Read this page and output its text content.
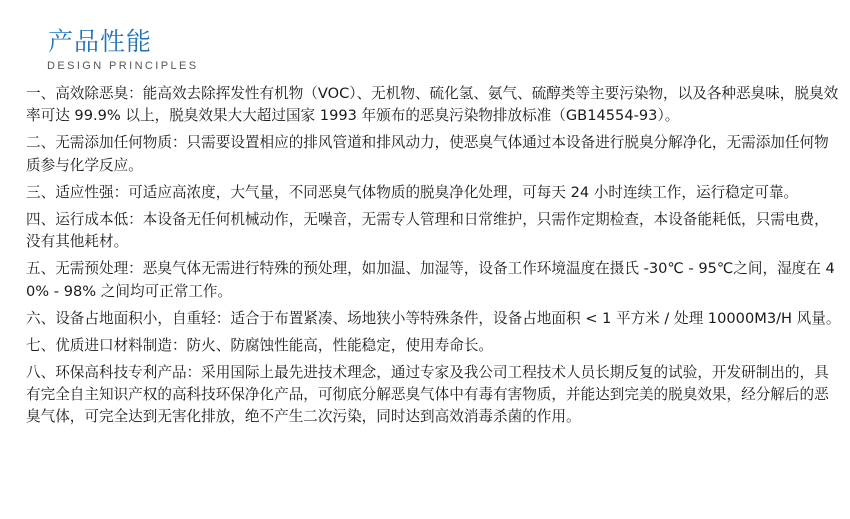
产品性能
DESIGN PRINCIPLES

一、高效除恶臭：能高效去除挥发性有机物（VOC）、无机物、硫化氢、氨气、硫醇类等主要污染物，以及各种恶臭味，脱臭效率可达 99.9% 以上，脱臭效果大大超过国家 1993 年颁布的恶臭污染物排放标准（GB14554-93）。

二、无需添加任何物质：只需要设置相应的排风管道和排风动力，使恶臭气体通过本设备进行脱臭分解净化，无需添加任何物质参与化学反应。

三、适应性强：可适应高浓度，大气量，不同恶臭气体物质的脱臭净化处理，可每天 24 小时连续工作，运行稳定可靠。

四、运行成本低：本设备无任何机械动作，无噪音，无需专人管理和日常维护，只需作定期检查，本设备能耗低，只需电费，没有其他耗材。

五、无需预处理：恶臭气体无需进行特殊的预处理，如加温、加湿等，设备工作环境温度在摄氏 -30℃ - 95℃之间，湿度在 40% - 98% 之间均可正常工作。

六、设备占地面积小，自重轻：适合于布置紧凑、场地狭小等特殊条件，设备占地面积 < 1 平方米 / 处理 10000M3/H 风量。

七、优质进口材料制造：防火、防腐蚀性能高，性能稳定，使用寿命长。

八、环保高科技专利产品：采用国际上最先进技术理念，通过专家及我公司工程技术人员长期反复的试验，开发研制出的，具有完全自主知识产权的高科技环保净化产品，可彻底分解恶臭气体中有毒有害物质，并能达到完美的脱臭效果，经分解后的恶臭气体，可完全达到无害化排放，绝不产生二次污染，同时达到高效消毒杀菌的作用。
